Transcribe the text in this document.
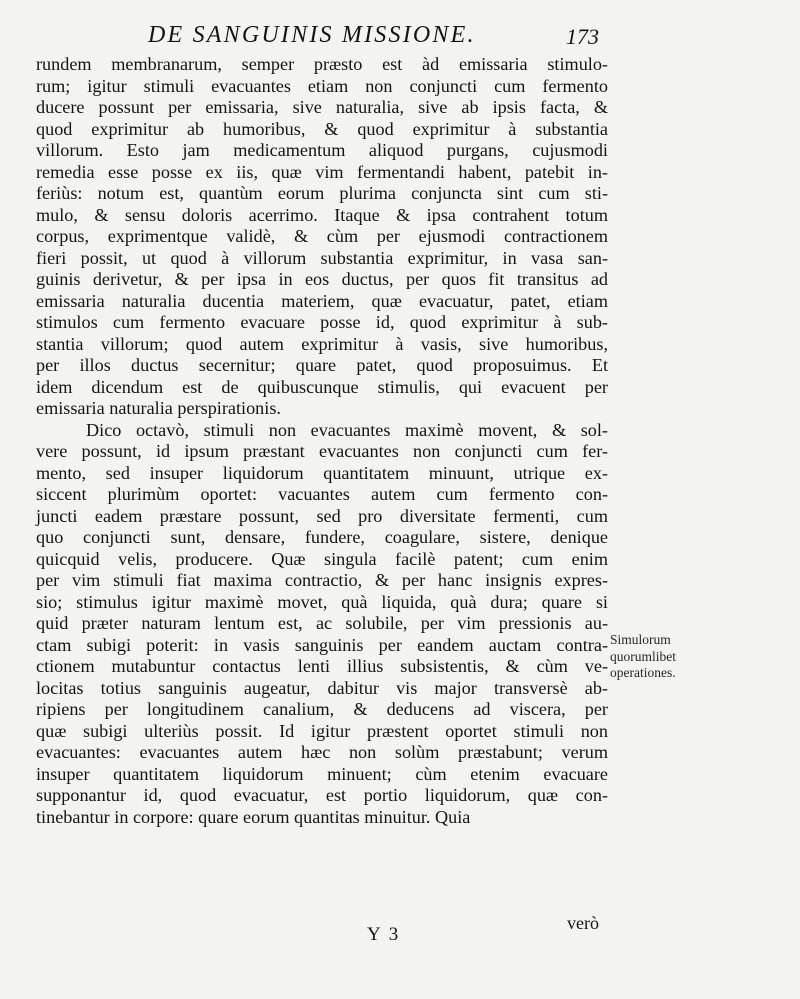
DE SANGUINIS MISSIONE.	173
rundem membranarum, semper præsto est àd emissaria stimulo-
rum; igitur stimuli evacuantes etiam non conjuncti cum fermento
ducere possunt per emissaria, sive naturalia, sive ab ipsis facta, &
quod exprimitur ab humoribus, & quod exprimitur à substantia
villorum. Esto jam medicamentum aliquod purgans, cujusmodi
remedia esse posse ex iis, quæ vim fermentandi habent, patebit in-
feriùs: notum est, quantùm eorum plurima conjuncta sint cum sti-
mulo, & sensu doloris acerrimo. Itaque & ipsa contrahent totum
corpus, exprimentque validè, & cùm per ejusmodi contractionem
fieri possit, ut quod à villorum substantia exprimitur, in vasa san-
guinis derivetur, & per ipsa in eos ductus, per quos fit transitus ad
emissaria naturalia ducentia materiem, quæ evacuatur, patet, etiam
stimulos cum fermento evacuare posse id, quod exprimitur à sub-
stantia villorum; quod autem exprimitur à vasis, sive humoribus,
per illos ductus secernitur; quare patet, quod proposuimus. Et
idem dicendum est de quibuscunque stimulis, qui evacuent per
emissaria naturalia perspirationis.
Dico octavò, stimuli non evacuantes maximè movent, & sol-
vere possunt, id ipsum præstant evacuantes non conjuncti cum fer-
mento, sed insuper liquidorum quantitatem minuunt, utrique ex-
siccent plurimùm oportet: vacuantes autem cum fermento con-
juncti eadem præstare possunt, sed pro diversitate fermenti, cum
quo conjuncti sunt, densare, fundere, coagulare, sistere, denique
quicquid velis, producere. Quæ singula facilè patent; cum enim
per vim stimuli fiat maxima contractio, & per hanc insignis expres-
sio; stimulus igitur maximè movet, quà liquida, quà dura; quare si
quid præter naturam lentum est, ac solubile, per vim pressionis au-
ctam subigi poterit: in vasis sanguinis per eandem auctam contra-
ctionem mutabuntur contactus lenti illius subsistentis, & cùm ve-
locitas totius sanguinis augeatur, dabitur vis major transversè ab-
ripiens per longitudinem canalium, & deducens ad viscera, per
quæ subigi ulteriùs possit. Id igitur præstent oportet stimuli non
evacuantes: evacuantes autem hæc non solùm præstabunt; verum
insuper quantitatem liquidorum minuent; cùm etenim evacuare
supponantur id, quod evacuatur, est portio liquidorum, quæ con-
tinebantur in corpore: quare eorum quantitas minuitur. Quia
Simulorum
quorumlibet
operationes.
Y 3
verò
